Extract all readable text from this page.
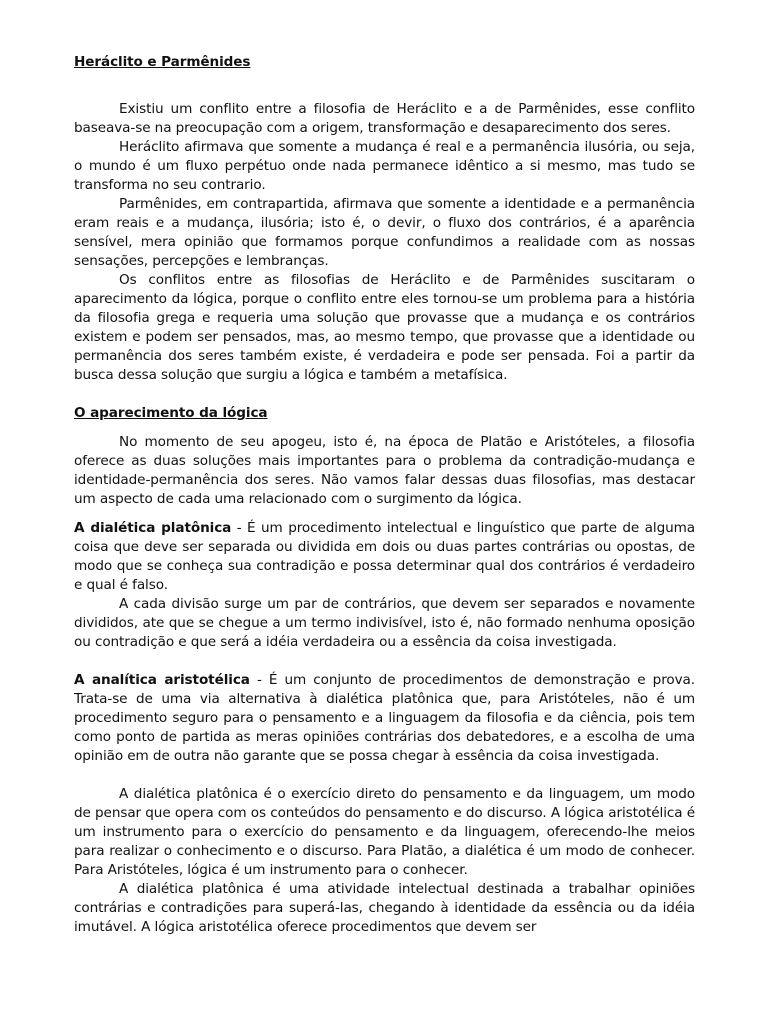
Heráclito e Parmênides

Existiu um conflito entre a filosofia de Heráclito e a de Parmênides, esse conflito baseava-se na preocupação com a origem, transformação e desaparecimento dos seres.

Heráclito afirmava que somente a mudança é real e a permanência ilusória, ou seja, o mundo é um fluxo perpétuo onde nada permanece idêntico a si mesmo, mas tudo se transforma no seu contrario.

Parmênides, em contrapartida, afirmava que somente a identidade e a permanência eram reais e a mudança, ilusória; isto é, o devir, o fluxo dos contrários, é a aparência sensível, mera opinião que formamos porque confundimos a realidade com as nossas sensações, percepções e lembranças.

Os conflitos entre as filosofias de Heráclito e de Parmênides suscitaram o aparecimento da lógica, porque o conflito entre eles tornou-se um problema para a história da filosofia grega e requeria uma solução que provasse que a mudança e os contrários existem e podem ser pensados, mas, ao mesmo tempo, que provasse que a identidade ou permanência dos seres também existe, é verdadeira e pode ser pensada. Foi a partir da busca dessa solução que surgiu a lógica e também a metafísica.

O aparecimento da lógica

No momento de seu apogeu, isto é, na época de Platão e Aristóteles, a filosofia oferece as duas soluções mais importantes para o problema da contradição-mudança e identidade-permanência dos seres. Não vamos falar dessas duas filosofias, mas destacar um aspecto de cada uma relacionado com o surgimento da lógica.

A dialética platônica - É um procedimento intelectual e linguístico que parte de alguma coisa que deve ser separada ou dividida em dois ou duas partes contrárias ou opostas, de modo que se conheça sua contradição e possa determinar qual dos contrários é verdadeiro e qual é falso.

A cada divisão surge um par de contrários, que devem ser separados e novamente divididos, ate que se chegue a um termo indivisível, isto é, não formado nenhuma oposição ou contradição e que será a idéia verdadeira ou a essência da coisa investigada.

A analítica aristotélica - É um conjunto de procedimentos de demonstração e prova. Trata-se de uma via alternativa à dialética platônica que, para Aristóteles, não é um procedimento seguro para o pensamento e a linguagem da filosofia e da ciência, pois tem como ponto de partida as meras opiniões contrárias dos debatedores, e a escolha de uma opinião em de outra não garante que se possa chegar à essência da coisa investigada.

A dialética platônica é o exercício direto do pensamento e da linguagem, um modo de pensar que opera com os conteúdos do pensamento e do discurso. A lógica aristotélica é um instrumento para o exercício do pensamento e da linguagem, oferecendo-lhe meios para realizar o conhecimento e o discurso. Para Platão, a dialética é um modo de conhecer. Para Aristóteles, lógica é um instrumento para o conhecer.

A dialética platônica é uma atividade intelectual destinada a trabalhar opiniões contrárias e contradições para superá-las, chegando à identidade da essência ou da idéia imutável. A lógica aristotélica oferece procedimentos que devem ser
